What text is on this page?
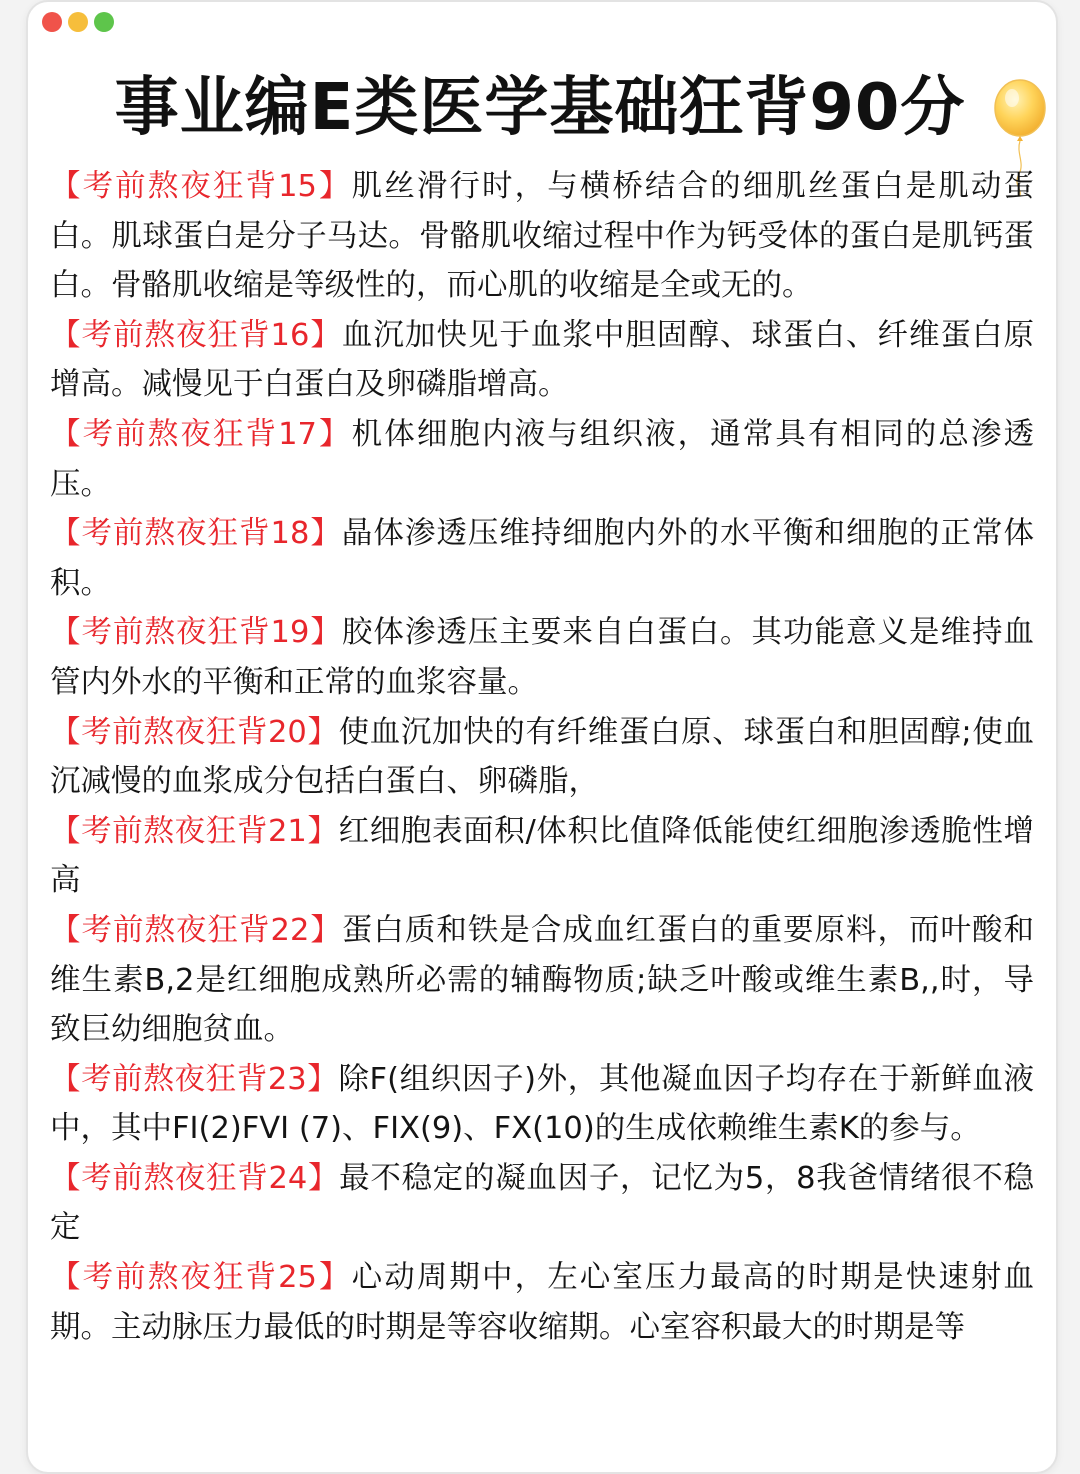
事业编E类医学基础狂背90分

【考前熬夜狂背15】肌丝滑行时，与横桥结合的细肌丝蛋白是肌动蛋白。肌球蛋白是分子马达。骨骼肌收缩过程中作为钙受体的蛋白是肌钙蛋白。骨骼肌收缩是等级性的，而心肌的收缩是全或无的。

【考前熬夜狂背16】血沉加快见于血浆中胆固醇、球蛋白、纤维蛋白原增高。减慢见于白蛋白及卵磷脂增高。

【考前熬夜狂背17】机体细胞内液与组织液，通常具有相同的总渗透压。

【考前熬夜狂背18】晶体渗透压维持细胞内外的水平衡和细胞的正常体积。

【考前熬夜狂背19】胶体渗透压主要来自白蛋白。其功能意义是维持血管内外水的平衡和正常的血浆容量。

【考前熬夜狂背20】使血沉加快的有纤维蛋白原、球蛋白和胆固醇;使血沉减慢的血浆成分包括白蛋白、卵磷脂，

【考前熬夜狂背21】红细胞表面积/体积比值降低能使红细胞渗透脆性增高

【考前熬夜狂背22】蛋白质和铁是合成血红蛋白的重要原料，而叶酸和维生素B,2是红细胞成熟所必需的辅酶物质;缺乏叶酸或维生素B,,时，导致巨幼细胞贫血。

【考前熬夜狂背23】除F(组织因子)外，其他凝血因子均存在于新鲜血液中，其中FI(2)FVI (7)、FIX(9)、FX(10)的生成依赖维生素K的参与。

【考前熬夜狂背24】最不稳定的凝血因子，记忆为5，8我爸情绪很不稳定

【考前熬夜狂背25】心动周期中，左心室压力最高的时期是快速射血期。主动脉压力最低的时期是等容收缩期。心室容积最大的时期是等
